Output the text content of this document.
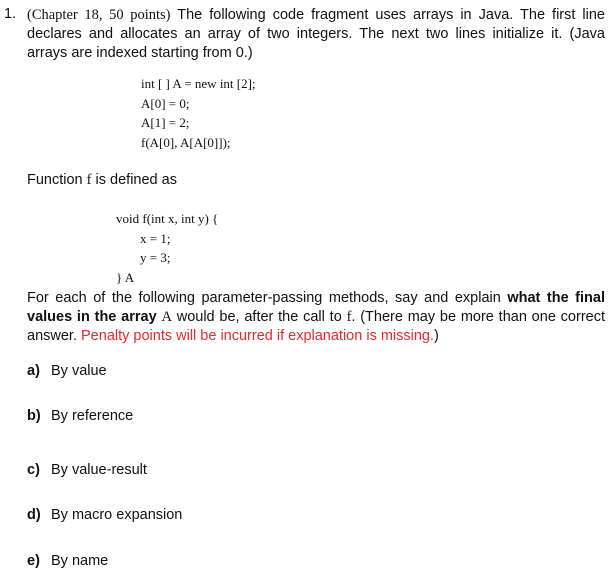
1. (Chapter 18, 50 points) The following code fragment uses arrays in Java. The first line declares and allocates an array of two integers. The next two lines initialize it. (Java arrays are indexed starting from 0.)
int [ ] A = new int [2];
A[0] = 0;
A[1] = 2;
f(A[0], A[A[0]]);
Function f is defined as
void f(int x, int y) {
x = 1;
y = 3;
} A
For each of the following parameter-passing methods, say and explain what the final values in the array A would be, after the call to f. (There may be more than one correct answer. Penalty points will be incurred if explanation is missing.)
a) By value
b) By reference
c) By value-result
d) By macro expansion
e) By name
